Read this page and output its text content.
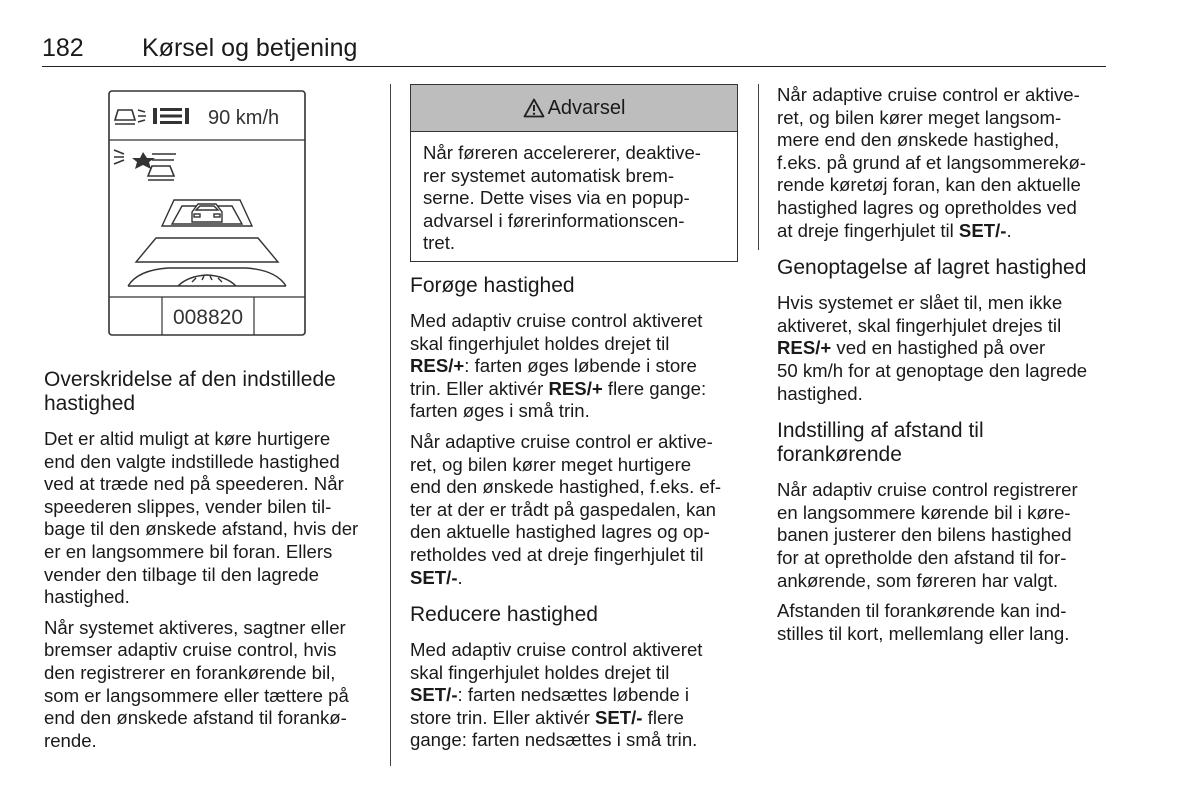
182 Kørsel og betjening
90 km/h
008820
Overskridelse af den indstillede
hastighed

Det er altid muligt at køre hurtigere
end den valgte indstillede hastighed
ved at træde ned på speederen. Når
speederen slippes, vender bilen til-
bage til den ønskede afstand, hvis der
er en langsommere bil foran. Ellers
vender den tilbage til den lagrede
hastighed.

Når systemet aktiveres, sagtner eller
bremser adaptiv cruise control, hvis
den registrerer en forankørende bil,
som er langsommere eller tættere på
end den ønskede afstand til forankø-
rende.

Advarsel

Når føreren accelererer, deaktive-
rer systemet automatisk brem-
serne. Dette vises via en popup-
advarsel i førerinformationscen-
tret.

Forøge hastighed

Med adaptiv cruise control aktiveret
skal fingerhjulet holdes drejet til
RES/+: farten øges løbende i store
trin. Eller aktivér RES/+ flere gange:
farten øges i små trin.

Når adaptive cruise control er aktive-
ret, og bilen kører meget hurtigere
end den ønskede hastighed, f.eks. ef-
ter at der er trådt på gaspedalen, kan
den aktuelle hastighed lagres og op-
retholdes ved at dreje fingerhjulet til
SET/-.

Reducere hastighed

Med adaptiv cruise control aktiveret
skal fingerhjulet holdes drejet til
SET/-: farten nedsættes løbende i
store trin. Eller aktivér SET/- flere
gange: farten nedsættes i små trin.

Når adaptive cruise control er aktive-
ret, og bilen kører meget langsom-
mere end den ønskede hastighed,
f.eks. på grund af et langsommerekø-
rende køretøj foran, kan den aktuelle
hastighed lagres og opretholdes ved
at dreje fingerhjulet til SET/-.

Genoptagelse af lagret hastighed

Hvis systemet er slået til, men ikke
aktiveret, skal fingerhjulet drejes til
RES/+ ved en hastighed på over
50 km/h for at genoptage den lagrede
hastighed.

Indstilling af afstand til
forankørende

Når adaptiv cruise control registrerer
en langsommere kørende bil i køre-
banen justerer den bilens hastighed
for at opretholde den afstand til for-
ankørende, som føreren har valgt.

Afstanden til forankørende kan ind-
stilles til kort, mellemlang eller lang.
